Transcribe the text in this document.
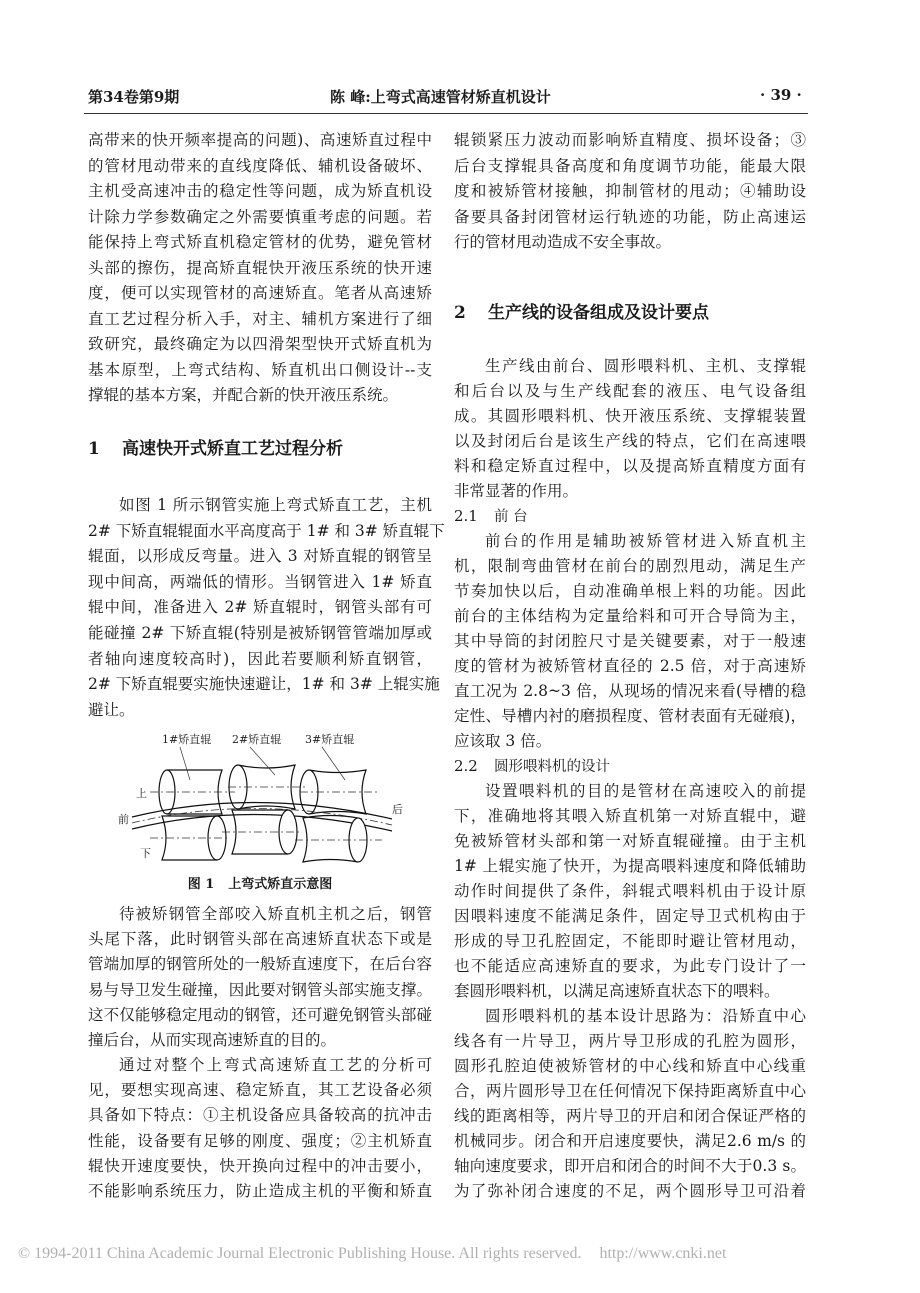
第34卷第9期	陈 峰:上弯式高速管材矫直机设计	· 39 ·
1 高速快开式矫直工艺过程分析
高带来的快开频率提高的问题)、高速矫直过程中
的管材甩动带来的直线度降低、辅机设备破坏、
主机受高速冲击的稳定性等问题，成为矫直机设
计除力学参数确定之外需要慎重考虑的问题。若
能保持上弯式矫直机稳定管材的优势，避免管材
头部的擦伤，提高矫直辊快开液压系统的快开速
度，便可以实现管材的高速矫直。笔者从高速矫
直工艺过程分析入手，对主、辅机方案进行了细
致研究，最终确定为以四滑架型快开式矫直机为
基本原型，上弯式结构、矫直机出口侧设计--支
撑辊的基本方案，并配合新的快开液压系统。
如图 1 所示钢管实施上弯式矫直工艺，主机
2# 下矫直辊辊面水平高度高于 1# 和 3# 矫直辊下
辊面，以形成反弯量。进入 3 对矫直辊的钢管呈
现中间高，两端低的情形。当钢管进入 1# 矫直
辊中间，准备进入 2# 矫直辊时，钢管头部有可
能碰撞 2# 下矫直辊(特别是被矫钢管管端加厚或
者轴向速度较高时)，因此若要顺利矫直钢管，
2# 下矫直辊要实施快速避让，1# 和 3# 上辊实施
避让。
待被矫钢管全部咬入矫直机主机之后，钢管
头尾下落，此时钢管头部在高速矫直状态下或是
管端加厚的钢管所处的一般矫直速度下，在后台容
易与导卫发生碰撞，因此要对钢管头部实施支撑。
这不仅能够稳定甩动的钢管，还可避免钢管头部碰
撞后台，从而实现高速矫直的目的。
通过对整个上弯式高速矫直工艺的分析可
见，要想实现高速、稳定矫直，其工艺设备必须
具备如下特点：①主机设备应具备较高的抗冲击
性能，设备要有足够的刚度、强度；②主机矫直
辊快开速度要快，快开换向过程中的冲击要小，
不能影响系统压力，防止造成主机的平衡和矫直
1#矫直辊 2#矫直辊 3#矫直辊
上
前
后
下
图 1 上弯式矫直示意图
2 生产线的设备组成及设计要点
2.1 前 台
2.2 圆形喂料机的设计
辊锁紧压力波动而影响矫直精度、损坏设备；③
后台支撑辊具备高度和角度调节功能，能最大限
度和被矫管材接触，抑制管材的甩动；④辅助设
备要具备封闭管材运行轨迹的功能，防止高速运
行的管材甩动造成不安全事故。
生产线由前台、圆形喂料机、主机、支撑辊
和后台以及与生产线配套的液压、电气设备组
成。其圆形喂料机、快开液压系统、支撑辊装置
以及封闭后台是该生产线的特点，它们在高速喂
料和稳定矫直过程中，以及提高矫直精度方面有
非常显著的作用。
前台的作用是辅助被矫管材进入矫直机主
机，限制弯曲管材在前台的剧烈甩动，满足生产
节奏加快以后，自动准确单根上料的功能。因此
前台的主体结构为定量给料和可开合导筒为主，
其中导筒的封闭腔尺寸是关键要素，对于一般速
度的管材为被矫管材直径的 2.5 倍，对于高速矫
直工况为 2.8~3 倍，从现场的情况来看(导槽的稳
定性、导槽内衬的磨损程度、管材表面有无碰痕)，
应该取 3 倍。
设置喂料机的目的是管材在高速咬入的前提
下，准确地将其喂入矫直机第一对矫直辊中，避
免被矫管材头部和第一对矫直辊碰撞。由于主机
1# 上辊实施了快开，为提高喂料速度和降低辅助
动作时间提供了条件，斜辊式喂料机由于设计原
因喂料速度不能满足条件，固定导卫式机构由于
形成的导卫孔腔固定，不能即时避让管材甩动，
也不能适应高速矫直的要求，为此专门设计了一
套圆形喂料机，以满足高速矫直状态下的喂料。
圆形喂料机的基本设计思路为：沿矫直中心
线各有一片导卫，两片导卫形成的孔腔为圆形，
圆形孔腔迫使被矫管材的中心线和矫直中心线重
合，两片圆形导卫在任何情况下保持距离矫直中心
线的距离相等，两片导卫的开启和闭合保证严格的
机械同步。闭合和开启速度要快，满足2.6 m/s 的
轴向速度要求，即开启和闭合的时间不大于0.3 s。
为了弥补闭合速度的不足，两个圆形导卫可沿着
© 1994-2011 China Academic Journal Electronic Publishing House. All rights reserved. http://www.cnki.net
